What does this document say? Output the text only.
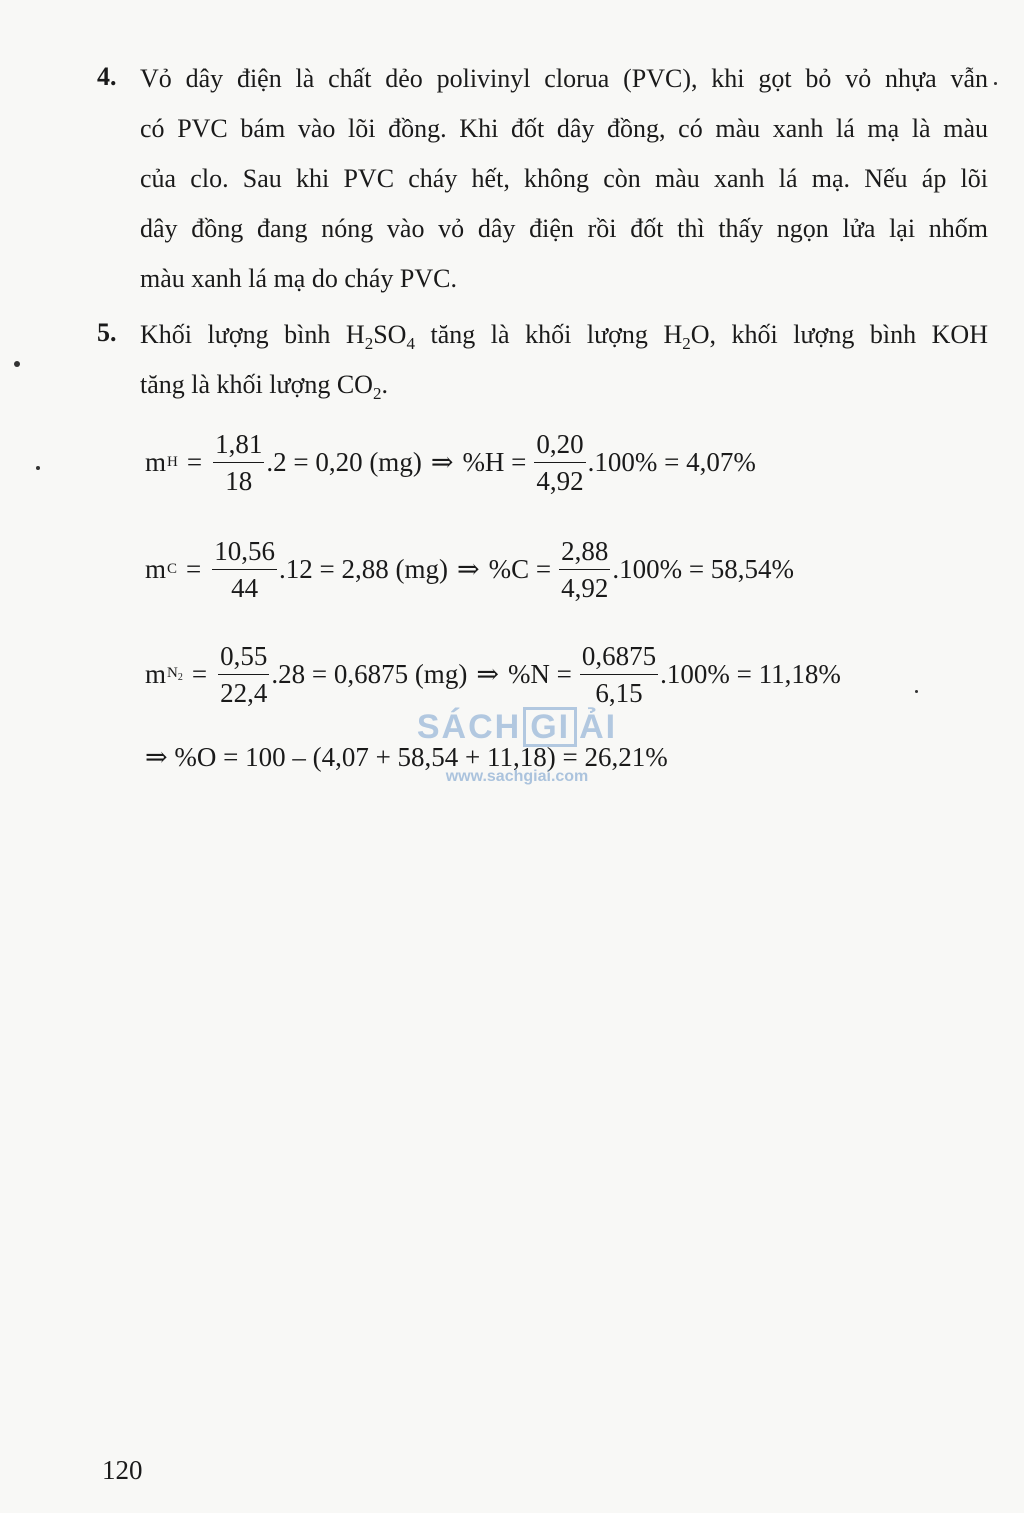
4. Vỏ dây điện là chất dẻo polivinyl clorua (PVC), khi gọt bỏ vỏ nhựa vẫn
có PVC bám vào lõi đồng. Khi đốt dây đồng, có màu xanh lá mạ là màu
của clo. Sau khi PVC cháy hết, không còn màu xanh lá mạ. Nếu áp lõi
dây đồng đang nóng vào vỏ dây điện rồi đốt thì thấy ngọn lửa lại nhốm
màu xanh lá mạ do cháy PVC.
5. Khối lượng bình $H_2SO_4$ tăng là khối lượng $H_2O$, khối lượng bình KOH
tăng là khối lượng $CO_2$.
m $H = \frac{1,81}{18} .2 = 0,20$ (mg) ⇒ $\%H = \frac{0,20}{4,92} .100\% = 4,07\%$
m $C = \frac{10,56}{44} .12 = 2,88$ (mg) ⇒ $\%C = \frac{2,88}{4,92} .100\% = 58,54\%$
m $N_2 = \frac{0,55}{22,4} .28 = 0,6875$ (mg) ⇒ $\%N = \frac{0,6875}{6,15} .100\% = 11,18\%$
⇒ %O = 100 – (4,07 + 58,54 + 11,18) = 26,21%
SÁCH GI ẢI
www.sachgiai.com
120
